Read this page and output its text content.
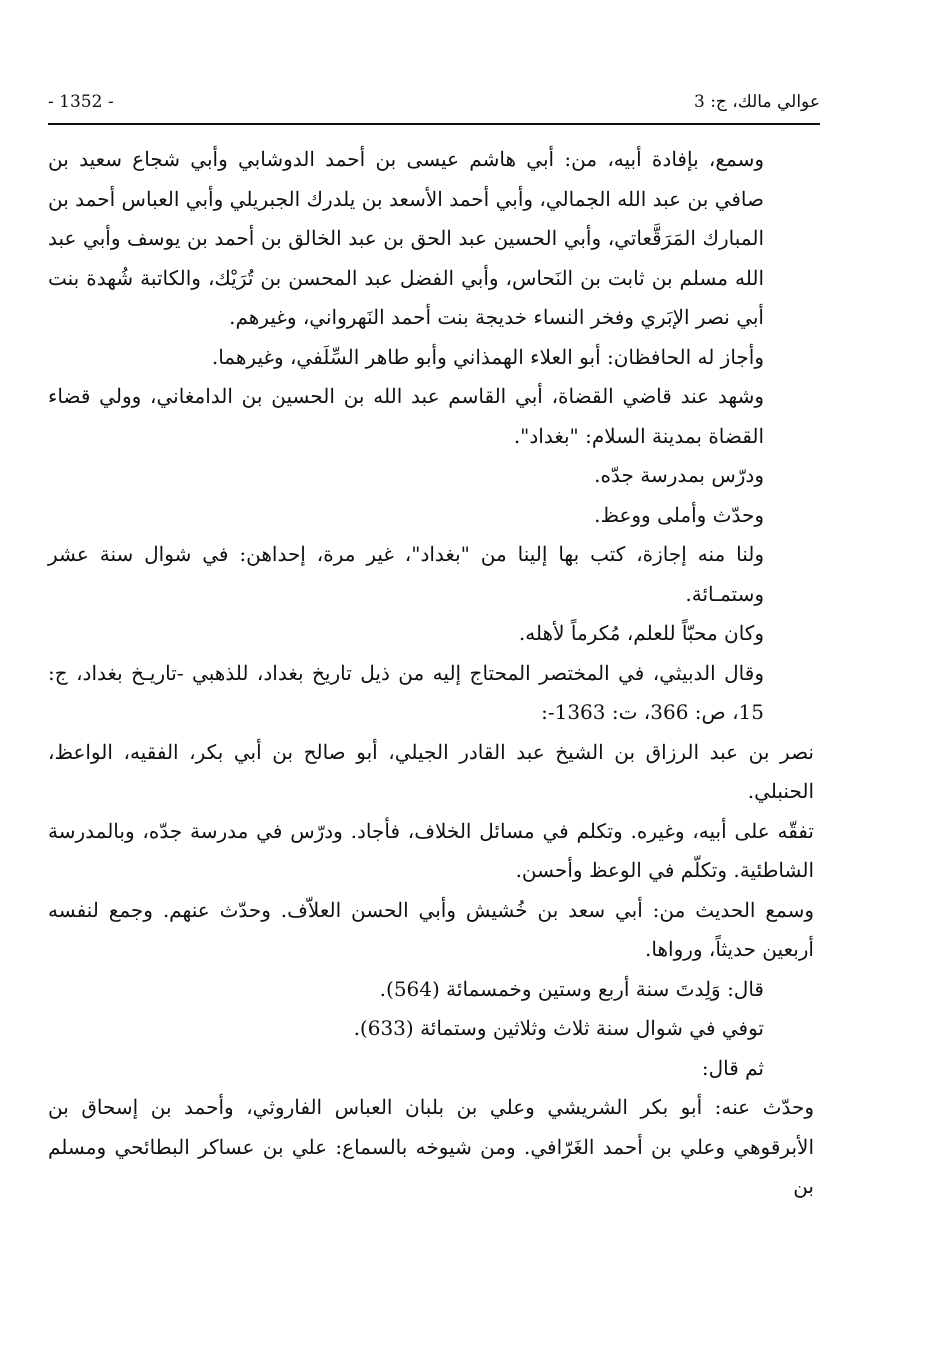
عوالي مالك، ج: 3
- 1352 -

وسمع، بإفادة أبيه، من: أبي هاشم عيسى بن أحمد الدوشابي وأبي شجاع سعيد بن صافي بن عبد الله الجمالي، وأبي أحمد الأسعد بن يلدرك الجبريلي وأبي العباس أحمد بن المبارك المَرَقَّعاتي، وأبي الحسين عبد الحق بن عبد الخالق بن أحمد بن يوسف وأبي عبد الله مسلم بن ثابت بن النَحاس، وأبي الفضل عبد المحسن بن تُرَيْك، والكاتبة شُهدة بنت أبي نصر الإبَري وفخر النساء خديجة بنت أحمد النَهرواني، وغيرهم.

وأجاز له الحافظان: أبو العلاء الهمذاني وأبو طاهر السِّلَفي، وغيرهما.

وشهد عند قاضي القضاة، أبي القاسم عبد الله بن الحسين بن الدامغاني، وولي قضاء القضاة بمدينة السلام: "بغداد".

ودرّس بمدرسة جدّه.

وحدّث وأملى ووعظ.

ولنا منه إجازة، كتب بها إلينا من "بغداد"، غير مرة، إحداهن: في شوال سنة عشر وستمـائة.

وكان محبّاً للعلم، مُكرماً لأهله.

وقال الدبيثي، في المختصر المحتاج إليه من ذيل تاريخ بغداد، للذهبي -تاريـخ بغداد، ج: 15، ص: 366، ت: 1363-:

نصر بن عبد الرزاق بن الشيخ عبد القادر الجيلي، أبو صالح بن أبي بكر، الفقيه، الواعظ، الحنبلي.

تفقّه على أبيه، وغيره. وتكلم في مسائل الخلاف، فأجاد. ودرّس في مدرسة جدّه، وبالمدرسة الشاطئية. وتكلّم في الوعظ وأحسن.

وسمع الحديث من: أبي سعد بن خُشيش وأبي الحسن العلاّف. وحدّث عنهم. وجمع لنفسه أربعين حديثاً، ورواها.

قال: وَلِدتَ سنة أربع وستين وخمسمائة (564).

توفي في شوال سنة ثلاث وثلاثين وستمائة (633).

ثم قال:

وحدّث عنه: أبو بكر الشريشي وعلي بن بلبان العباس الفاروثي، وأحمد بن إسحاق بن الأبرقوهي وعلي بن أحمد الغَرّافي. ومن شيوخه بالسماع: علي بن عساكر البطائحي ومسلم بن
